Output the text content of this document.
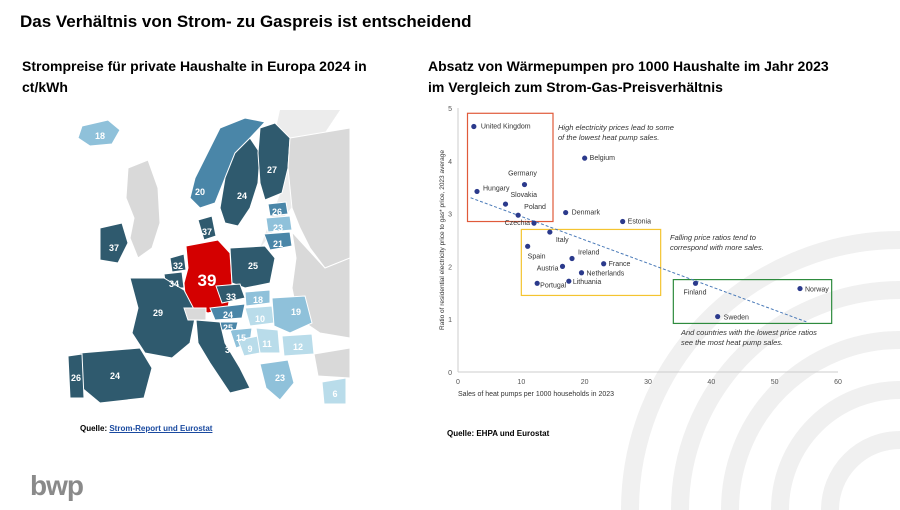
Das Verhältnis von Strom- zu Gaspreis ist entscheidend
Strompreise für private Haushalte in Europa 2024 in ct/kWh
Absatz von Wärmepumpen pro 1000 Haushalte im Jahr 2023 im Vergleich zum Strom-Gas-Preisverhältnis
18
20	24
27
26
23
21
37
37
32
34 39
25
33
24
18
10
19
29
24
26
31
25
15
9 11 12
23
6
Quelle: Strom-Report und Eurostat
0	10	20	30	40	50	60
0
1
2
3
4
5
Sales of heat pumps per 1000 households in 2023
Ratio of residential electricity price to gas* price, 2023 average
United Kingdom
Belgium
Germany
Hungary
Slovakia
Poland
Denmark
Estonia
Czechia
Italy
Spain
Ireland
France
Austria
Netherlands
Lithuania
Portugal
Finland	Norway
Sweden
High electricity prices lead to some
of the lowest heat pump sales.
Falling price ratios tend to
correspond with more sales.
And countries with the lowest price ratios
see the most heat pump sales.
Quelle: EHPA und Eurostat
bwp
